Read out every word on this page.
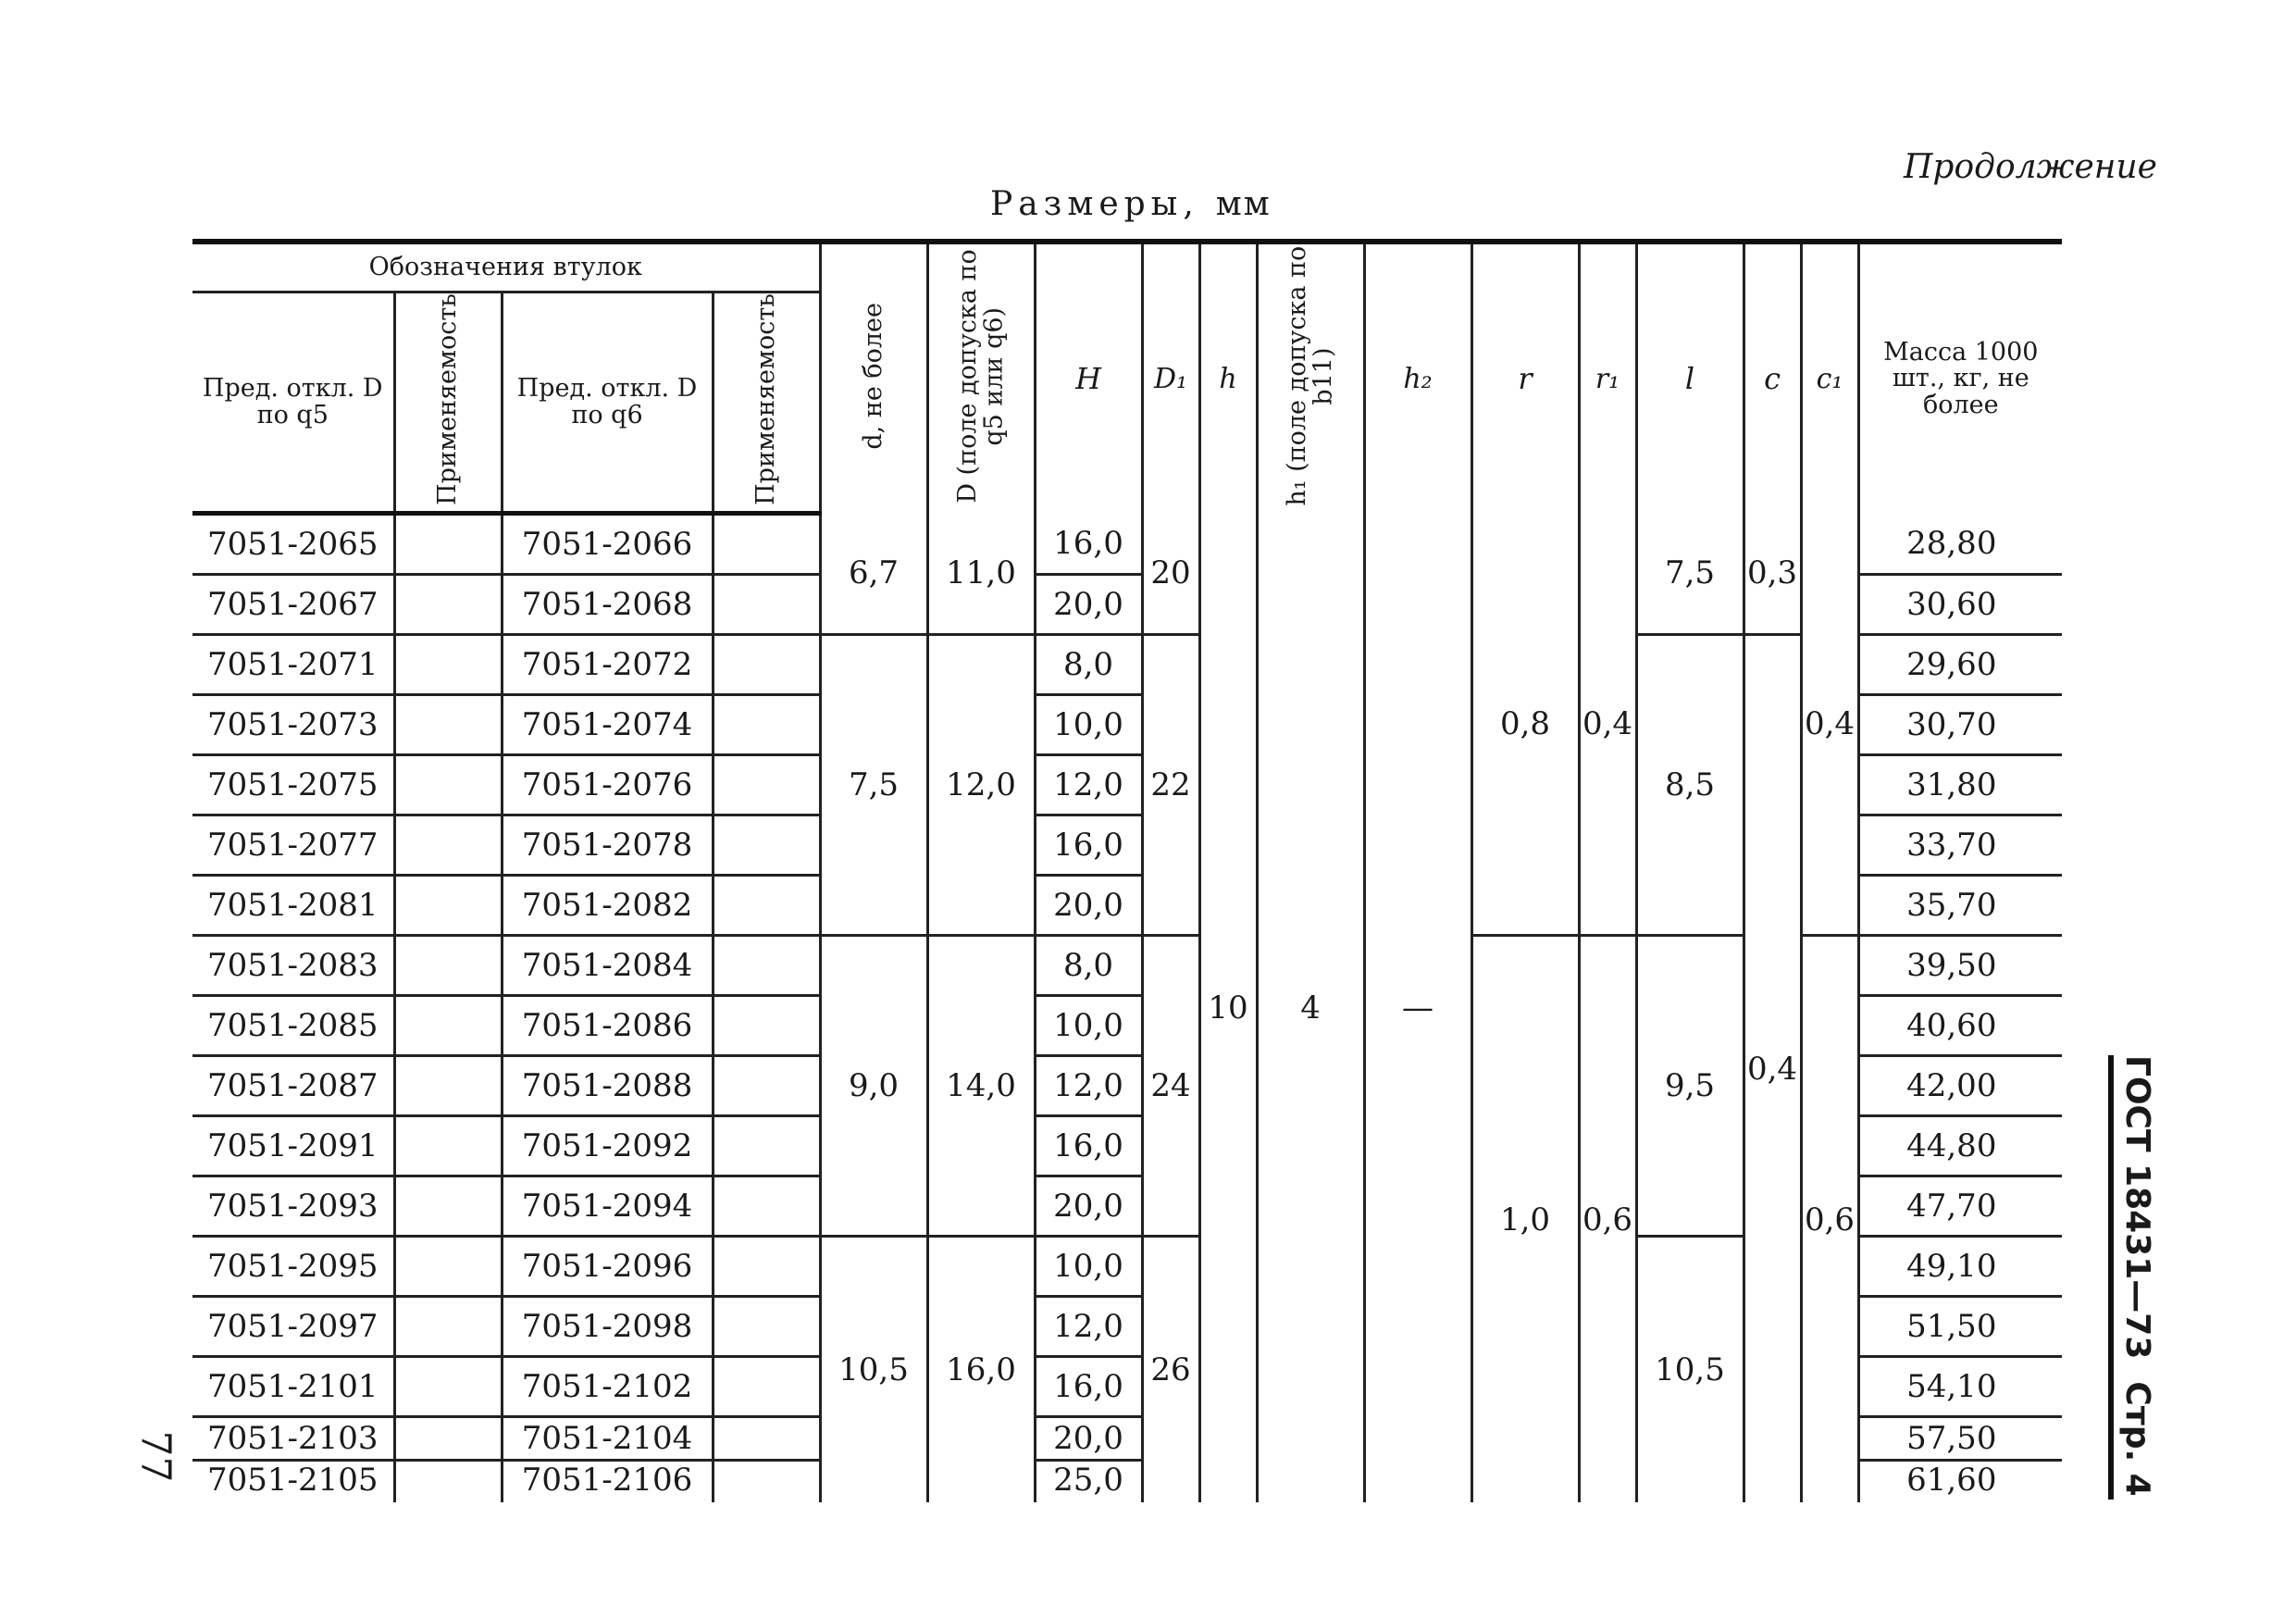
Продолжение
Размеры, мм
Обозначения втулок				d, не более	D (поле допуска по q5 или q6)	H	D₁	h	h₁ (поле допуска по b11)	h₂	r	r₁	l	c	c₁	Масса 1000 шт., кг, не более
Пред. откл. D по q5	Применяемость	Пред. откл. D по q6	Применяемость													
7051-2065		7051-2066		6,7	11,0	16,0	20	10	4	—	0,8	0,4	7,5	0,3	0,4	28,80
7051-2067		7051-2068				20,0										30,60
7051-2071		7051-2072		7,5	12,0	8,0	22						8,5	0,4		29,60
7051-2073		7051-2074				10,0										30,70
7051-2075		7051-2076				12,0										31,80
7051-2077		7051-2078				16,0										33,70
7051-2081		7051-2082				20,0										35,70
7051-2083		7051-2084		9,0	14,0	8,0	24				1,0	0,6	9,5		0,6	39,50
7051-2085		7051-2086				10,0										40,60
7051-2087		7051-2088				12,0										42,00
7051-2091		7051-2092				16,0										44,80
7051-2093		7051-2094				20,0										47,70
7051-2095		7051-2096		10,5	16,0	10,0	26						10,5			49,10
7051-2097		7051-2098				12,0										51,50
7051-2101		7051-2102				16,0										54,10
7051-2103		7051-2104				20,0										57,50
7051-2105		7051-2106				25,0										61,60
77
ГОСТ 18431—73
Стр. 4
